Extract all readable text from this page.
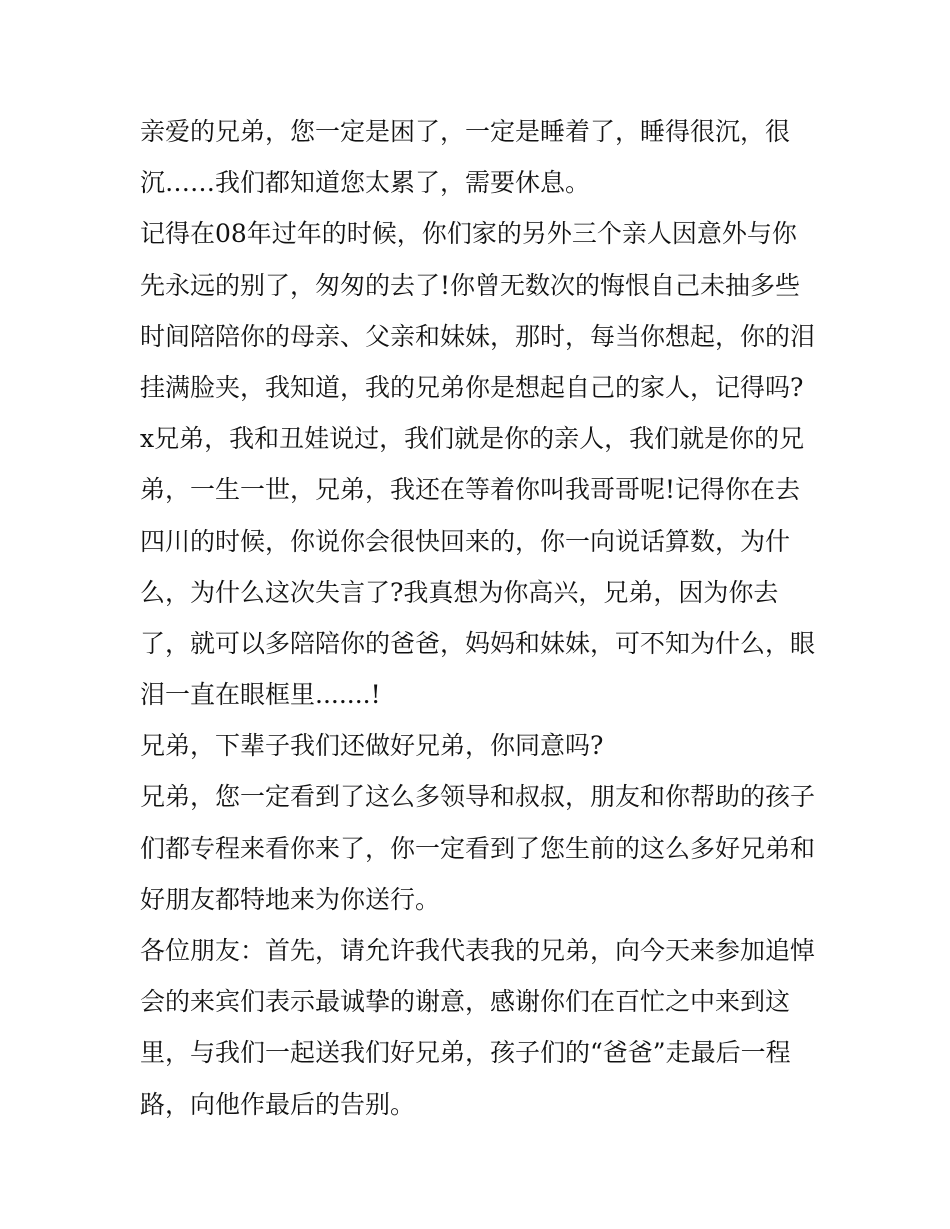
亲爱的兄弟，您一定是困了，一定是睡着了，睡得很沉，很
沉……我们都知道您太累了，需要休息。
记得在08年过年的时候，你们家的另外三个亲人因意外与你
先永远的别了，匆匆的去了!你曾无数次的悔恨自己未抽多些
时间陪陪你的母亲、父亲和妹妹，那时，每当你想起，你的泪
挂满脸夹，我知道，我的兄弟你是想起自己的家人，记得吗?
x兄弟，我和丑娃说过，我们就是你的亲人，我们就是你的兄
弟，一生一世，兄弟，我还在等着你叫我哥哥呢!记得你在去
四川的时候，你说你会很快回来的，你一向说话算数，为什
么，为什么这次失言了?我真想为你高兴，兄弟，因为你去
了，就可以多陪陪你的爸爸，妈妈和妹妹，可不知为什么，眼
泪一直在眼框里.......!
兄弟，下辈子我们还做好兄弟，你同意吗?
兄弟，您一定看到了这么多领导和叔叔，朋友和你帮助的孩子
们都专程来看你来了，你一定看到了您生前的这么多好兄弟和
好朋友都特地来为你送行。
各位朋友：首先，请允许我代表我的兄弟，向今天来参加追悼
会的来宾们表示最诚挚的谢意，感谢你们在百忙之中来到这
里，与我们一起送我们好兄弟，孩子们的“爸爸”走最后一程
路，向他作最后的告别。
